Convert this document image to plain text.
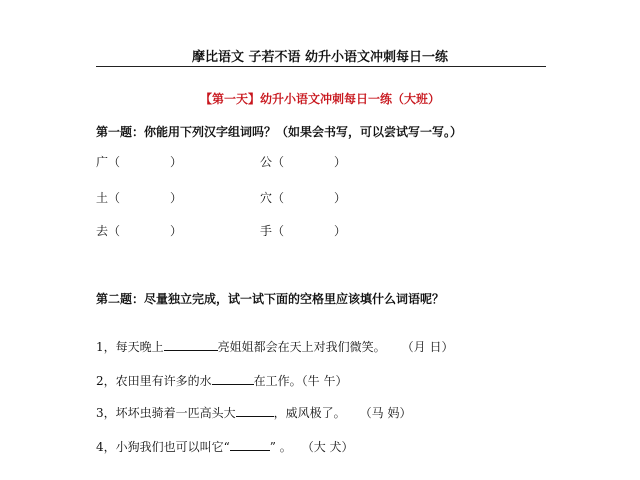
摩比语文 子若不语 幼升小语文冲刺每日一练
【第一天】幼升小语文冲刺每日一练（大班）
第一题：你能用下列汉字组词吗？（如果会书写，可以尝试写一写。）
广（	）	公（	）
土（	）	穴（	）
去（	）	手（	）
第二题：尽量独立完成，试一试下面的空格里应该填什么词语呢？
1，每天晚上	亮姐姐都会在天上对我们微笑。 （月 日）
2，农田里有许多的水	在工作。（牛 午）
3，坏坏虫骑着一匹高头大	，威风极了。 （马 妈）
4，小狗我们也可以叫它“	” 。 （大 犬）
